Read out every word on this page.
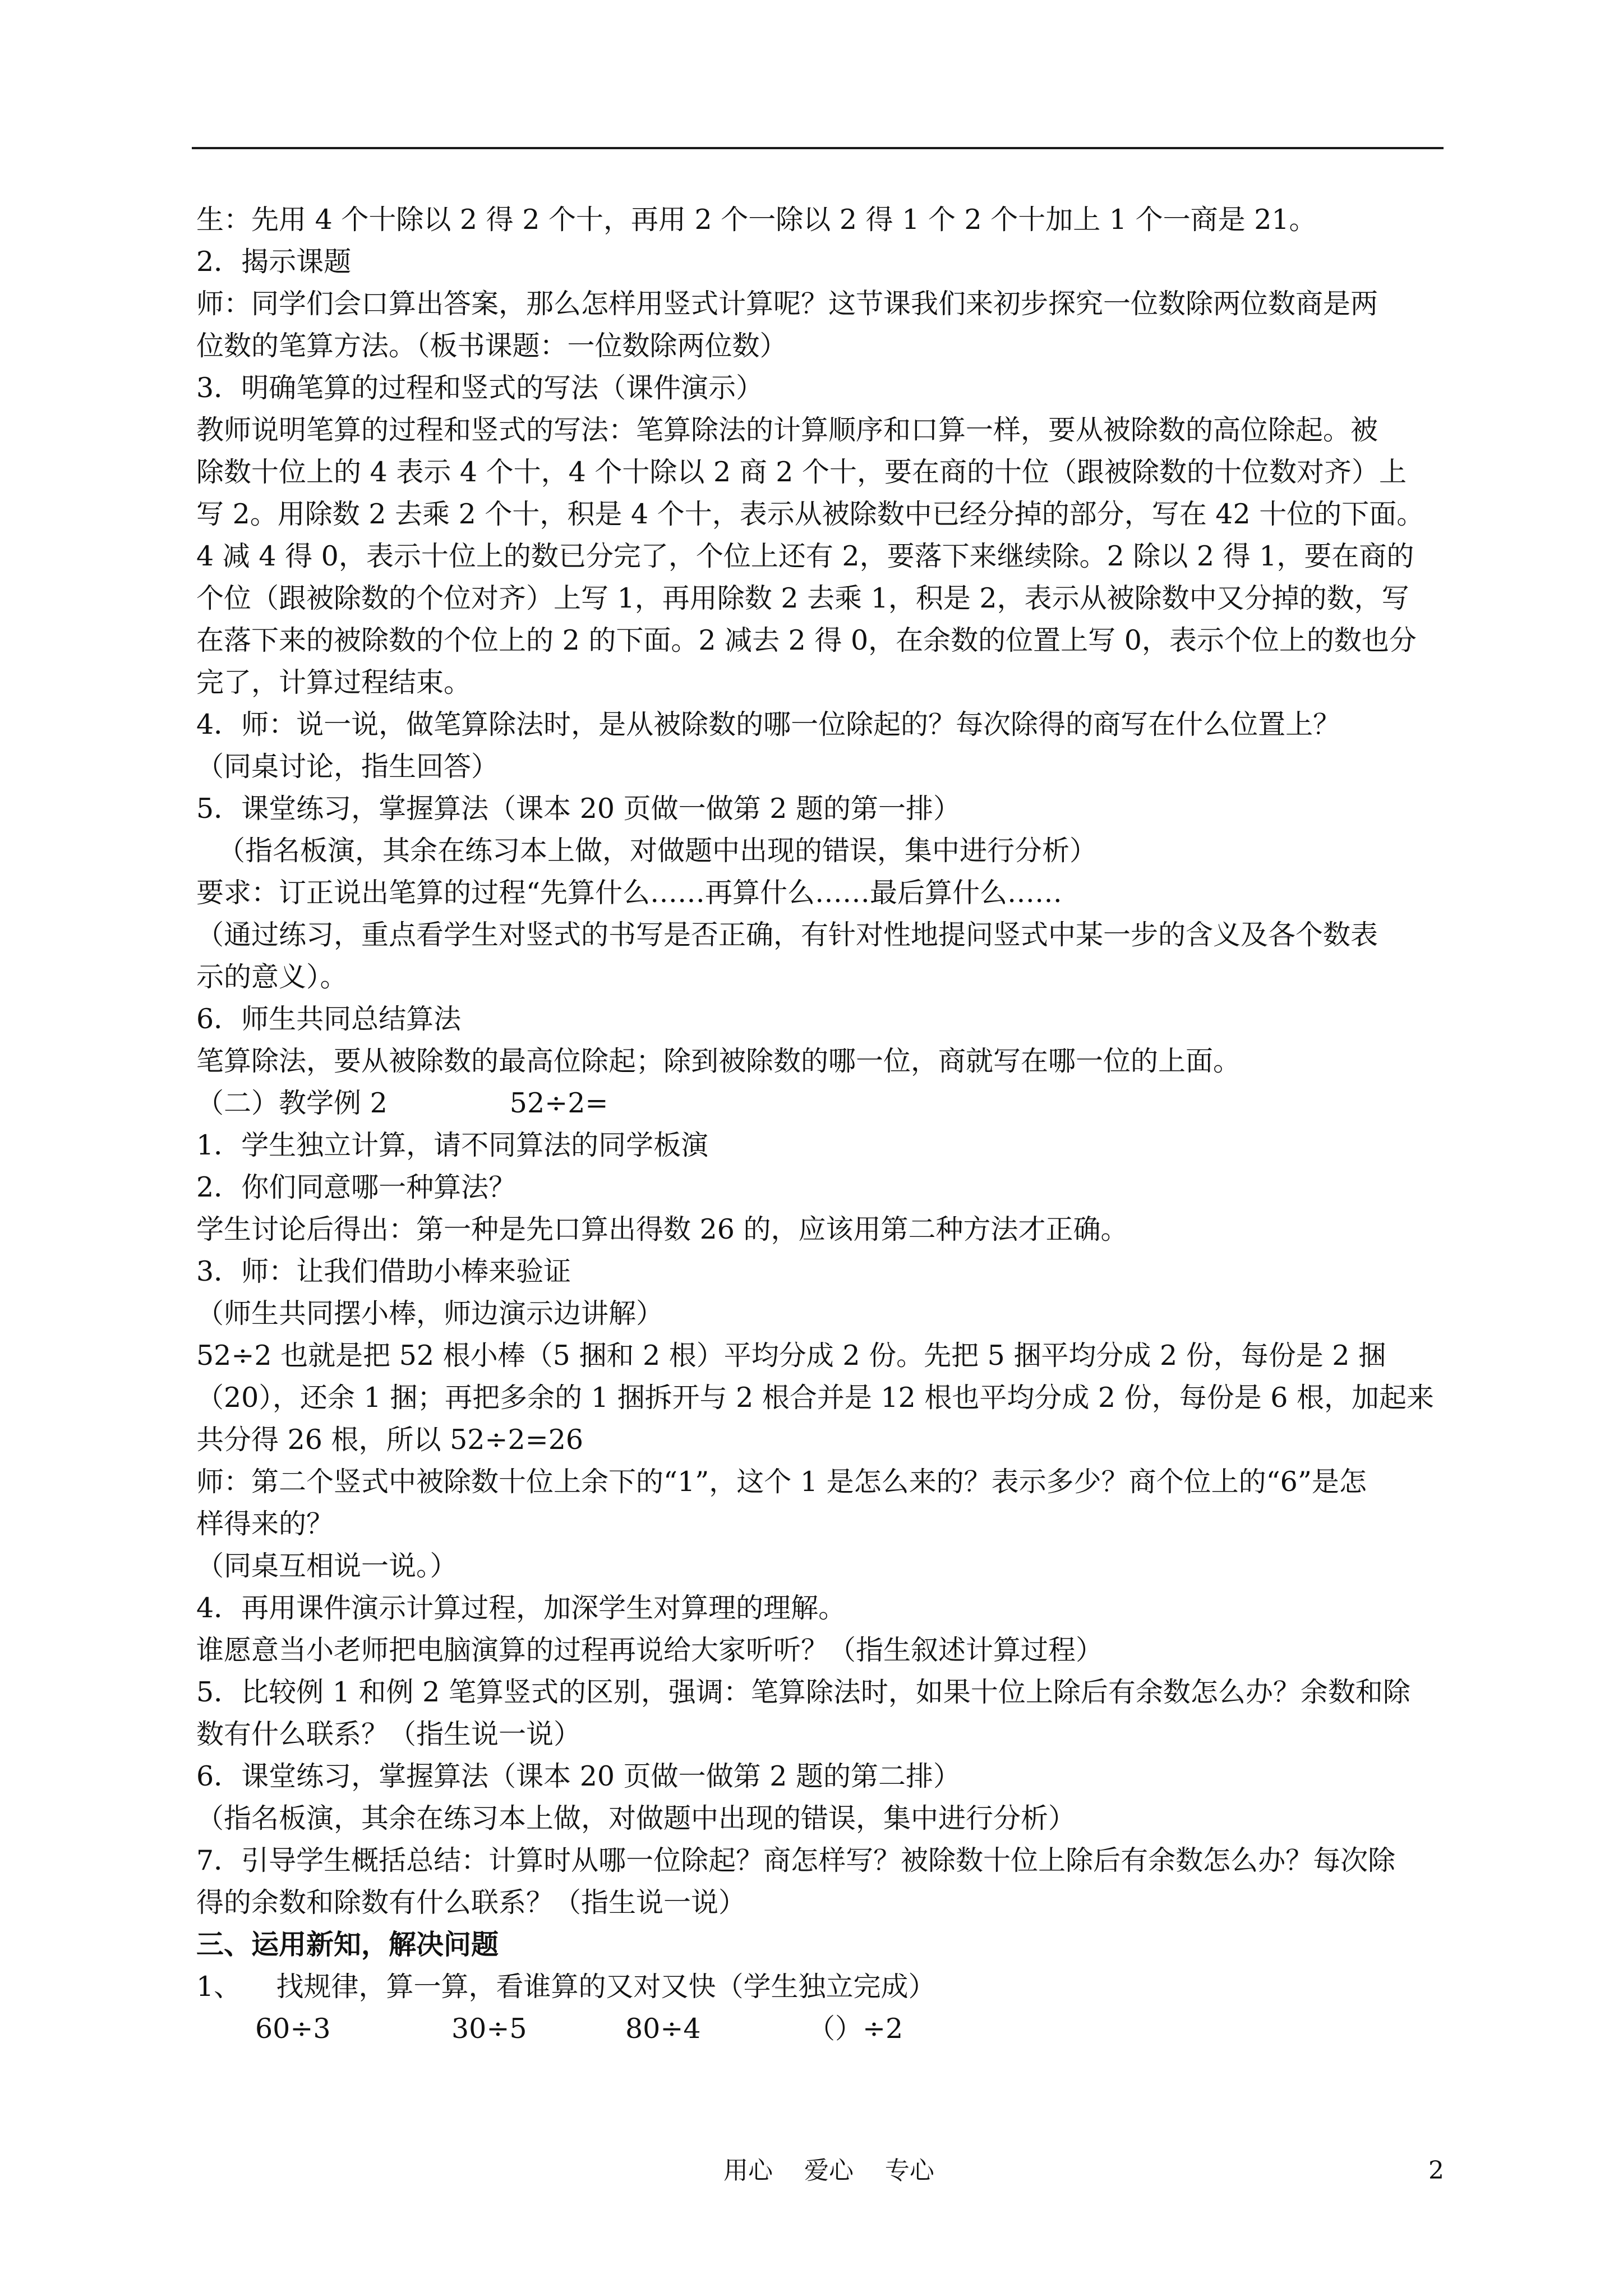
生：先用 4 个十除以 2 得 2 个十，再用 2 个一除以 2 得 1 个 2 个十加上 1 个一商是 21。
2．揭示课题
师：同学们会口算出答案，那么怎样用竖式计算呢？这节课我们来初步探究一位数除两位数商是两
位数的笔算方法。（板书课题：一位数除两位数）
3．明确笔算的过程和竖式的写法（课件演示）
教师说明笔算的过程和竖式的写法：笔算除法的计算顺序和口算一样，要从被除数的高位除起。被
除数十位上的 4 表示 4 个十，4 个十除以 2 商 2 个十，要在商的十位（跟被除数的十位数对齐）上
写 2。用除数 2 去乘 2 个十，积是 4 个十，表示从被除数中已经分掉的部分，写在 42 十位的下面。
4 减 4 得 0，表示十位上的数已分完了，个位上还有 2，要落下来继续除。2 除以 2 得 1，要在商的
个位（跟被除数的个位对齐）上写 1，再用除数 2 去乘 1，积是 2，表示从被除数中又分掉的数，写
在落下来的被除数的个位上的 2 的下面。2 减去 2 得 0，在余数的位置上写 0，表示个位上的数也分
完了，计算过程结束。
4．师：说一说，做笔算除法时，是从被除数的哪一位除起的？每次除得的商写在什么位置上？
（同桌讨论，指生回答）
5．课堂练习，掌握算法（课本 20 页做一做第 2 题的第一排）
（指名板演，其余在练习本上做，对做题中出现的错误，集中进行分析）
要求：订正说出笔算的过程“先算什么……再算什么……最后算什么……
（通过练习，重点看学生对竖式的书写是否正确，有针对性地提问竖式中某一步的含义及各个数表
示的意义）。
6．师生共同总结算法
笔算除法，要从被除数的最高位除起；除到被除数的哪一位，商就写在哪一位的上面。
（二）教学例 2              52÷2=
1．学生独立计算，请不同算法的同学板演
2．你们同意哪一种算法？
学生讨论后得出：第一种是先口算出得数 26 的，应该用第二种方法才正确。
3．师：让我们借助小棒来验证
（师生共同摆小棒，师边演示边讲解）
52÷2 也就是把 52 根小棒（5 捆和 2 根）平均分成 2 份。先把 5 捆平均分成 2 份，每份是 2 捆
（20），还余 1 捆；再把多余的 1 捆拆开与 2 根合并是 12 根也平均分成 2 份，每份是 6 根，加起来
共分得 26 根，所以 52÷2=26
师：第二个竖式中被除数十位上余下的“1”，这个 1 是怎么来的？表示多少？商个位上的“6”是怎
样得来的？
（同桌互相说一说。）
4．再用课件演示计算过程，加深学生对算理的理解。
谁愿意当小老师把电脑演算的过程再说给大家听听？（指生叙述计算过程）
5．比较例 1 和例 2 笔算竖式的区别，强调：笔算除法时，如果十位上除后有余数怎么办？余数和除
数有什么联系？（指生说一说）
6．课堂练习，掌握算法（课本 20 页做一做第 2 题的第二排）
（指名板演，其余在练习本上做，对做题中出现的错误，集中进行分析）
7．引导学生概括总结：计算时从哪一位除起？商怎样写？被除数十位上除后有余数怎么办？每次除
得的余数和除数有什么联系？（指生说一说）
三、运用新知，解决问题
1、    找规律，算一算，看谁算的又对又快（学生独立完成）

60÷3

	30÷5

	80÷4

	（）÷2

用心    爱心    专心	2
